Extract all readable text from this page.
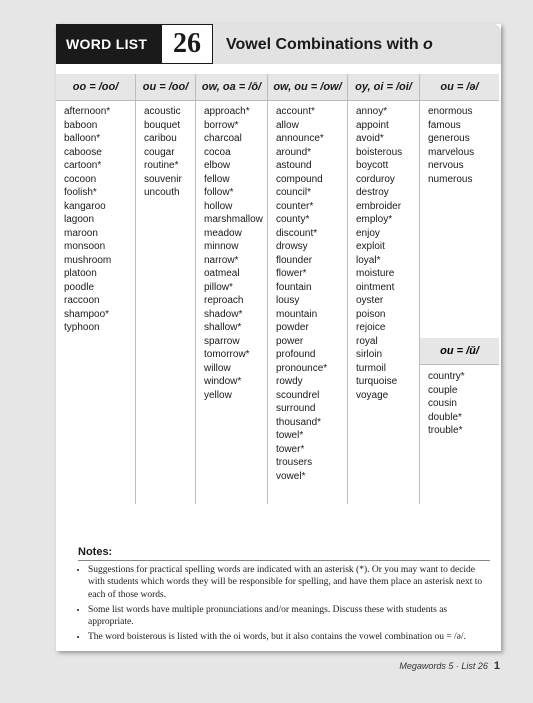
WORD LIST 26	Vowel Combinations with o
oo = /oo/
afternoon*
baboon
balloon*
caboose
cartoon*
cocoon
foolish*
kangaroo
lagoon
maroon
monsoon
mushroom
platoon
poodle
raccoon
shampoo*
typhoon
ou = /oo/
acoustic
bouquet
caribou
cougar
routine*
souvenir
uncouth
ow, oa = /ō/
approach*
borrow*
charcoal
cocoa
elbow
fellow
follow*
hollow
marshmallow
meadow
minnow
narrow*
oatmeal
pillow*
reproach
shadow*
shallow*
sparrow
tomorrow*
willow
window*
yellow
ow, ou = /ow/
account*
allow
announce*
around*
astound
compound
council*
counter*
county*
discount*
drowsy
flounder
flower*
fountain
lousy
mountain
powder
power
profound
pronounce*
rowdy
scoundrel
surround
thousand*
towel*
tower*
trousers
vowel*
oy, oi = /oi/
annoy*
appoint
avoid*
boisterous
boycott
corduroy
destroy
embroider
employ*
enjoy
exploit
loyal*
moisture
ointment
oyster
poison
rejoice
royal
sirloin
turmoil
turquoise
voyage
ou = /ə/
enormous
famous
generous
marvelous
nervous
numerous
ou = /ŭ/
country*
couple
cousin
double*
trouble*
Notes:
• Suggestions for practical spelling words are indicated with an asterisk (*). Or you may want to decide with students which words they will be responsible for spelling, and have them place an asterisk next to each of those words.
• Some list words have multiple pronunciations and/or meanings. Discuss these with students as appropriate.
• The word boisterous is listed with the oi words, but it also contains the vowel combination ou = /ə/.
Megawords 5 · List 26 1
